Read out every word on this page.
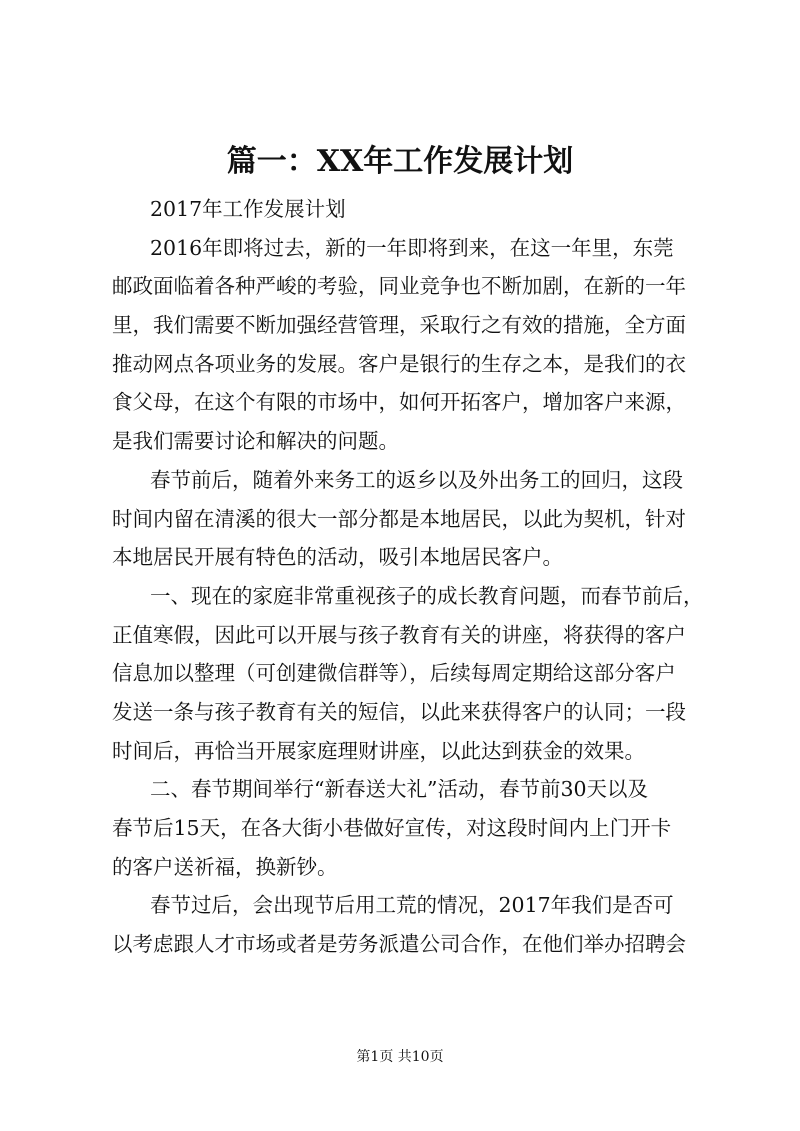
篇一：XX年工作发展计划
2017年工作发展计划
2016年即将过去，新的一年即将到来，在这一年里，东莞
邮政面临着各种严峻的考验，同业竞争也不断加剧，在新的一年
里，我们需要不断加强经营管理，采取行之有效的措施，全方面
推动网点各项业务的发展。客户是银行的生存之本，是我们的衣
食父母，在这个有限的市场中，如何开拓客户，增加客户来源，
是我们需要讨论和解决的问题。
春节前后，随着外来务工的返乡以及外出务工的回归，这段
时间内留在清溪的很大一部分都是本地居民，以此为契机，针对
本地居民开展有特色的活动，吸引本地居民客户。
一、现在的家庭非常重视孩子的成长教育问题，而春节前后，
正值寒假，因此可以开展与孩子教育有关的讲座，将获得的客户
信息加以整理（可创建微信群等），后续每周定期给这部分客户
发送一条与孩子教育有关的短信，以此来获得客户的认同；一段
时间后，再恰当开展家庭理财讲座，以此达到获金的效果。
二、春节期间举行“新春送大礼”活动，春节前30天以及
春节后15天，在各大街小巷做好宣传，对这段时间内上门开卡
的客户送祈福，换新钞。
春节过后，会出现节后用工荒的情况，2017年我们是否可
以考虑跟人才市场或者是劳务派遣公司合作，在他们举办招聘会
第1页 共10页
